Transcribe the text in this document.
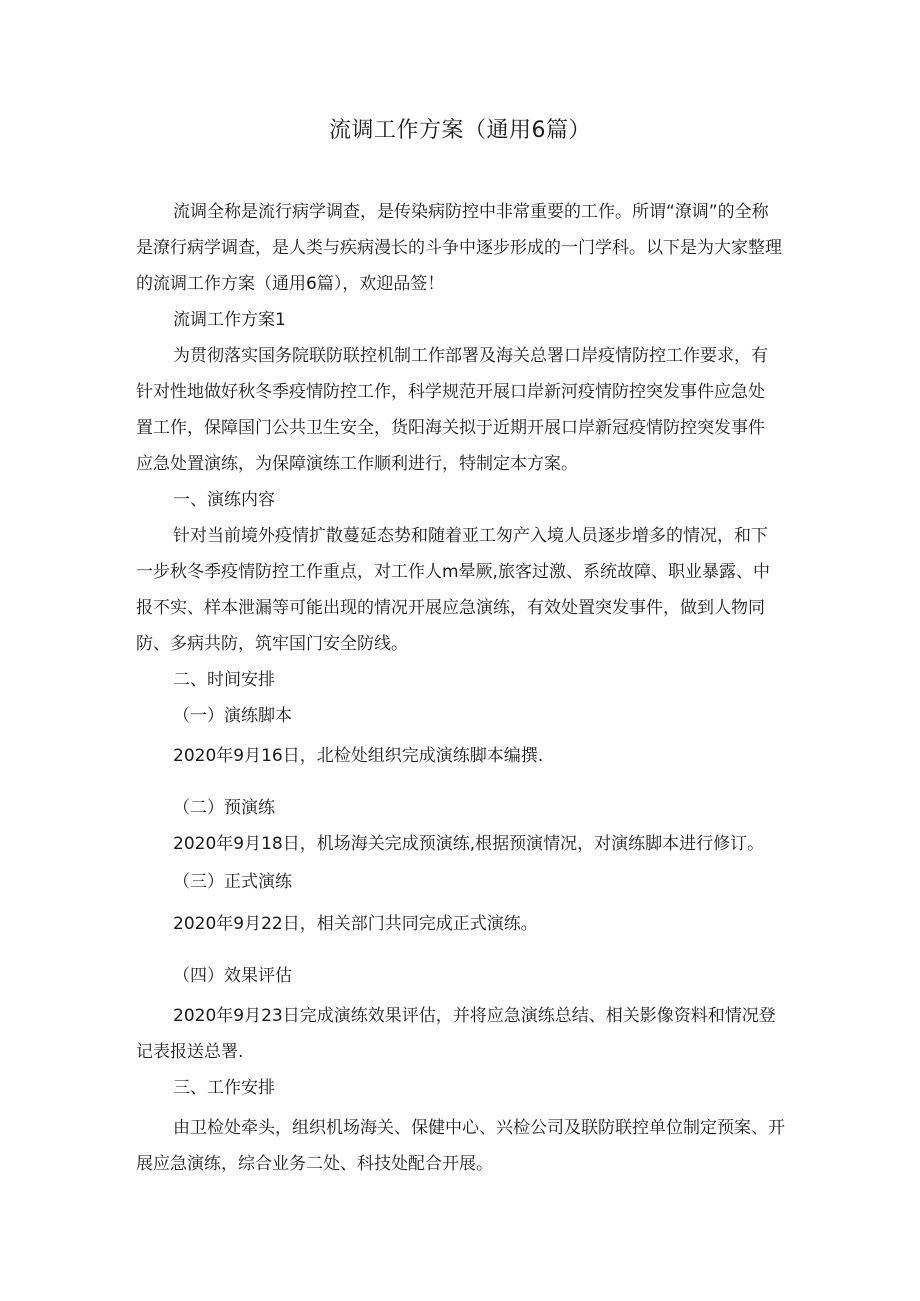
流调工作方案（通用6篇）
流调全称是流行病学调查，是传染病防控中非常重要的工作。所谓“潦调”的全称
是潦行病学调查，是人类与疾病漫长的斗争中逐步形成的一门学科。以下是为大家整理
的流调工作方案（通用6篇），欢迎品签！
流调工作方案1
为贯彻落实国务院联防联控机制工作部署及海关总署口岸疫情防控工作要求，有
针对性地做好秋冬季疫情防控工作，科学规范开展口岸新河疫情防控突发事件应急处
置工作，保障国门公共卫生安全，货阳海关拟于近期开展口岸新冠疫情防控突发事件
应急处置演练，为保障演练工作顺利进行，特制定本方案。
一、演练内容
针对当前境外疫情扩散蔓延态势和随着亚工匆产入境人员逐步增多的情况，和下
一步秋冬季疫情防控工作重点，对工作人m晕厥,旅客过激、系统故障、职业暴露、中
报不实、样本泄漏等可能出现的情况开展应急演练，有效处置突发事件，做到人物同
防、多病共防，筑牢国门安全防线。
二、时间安排
（一）演练脚本
2020年9月16日，北检处组织完成演练脚本编撰.
（二）预演练
2020年9月18日，机场海关完成预演练,根据预演情况，对演练脚本进行修订。
（三）正式演练
2020年9月22日，相关部门共同完成正式演练。
（四）效果评估
2020年9月23日完成演练效果评估，并将应急演练总结、相关影像资料和情况登
记表报送总署.
三、工作安排
由卫检处牵头，组织机场海关、保健中心、兴检公司及联防联控单位制定预案、开
展应急演练，综合业务二处、科技处配合开展。
